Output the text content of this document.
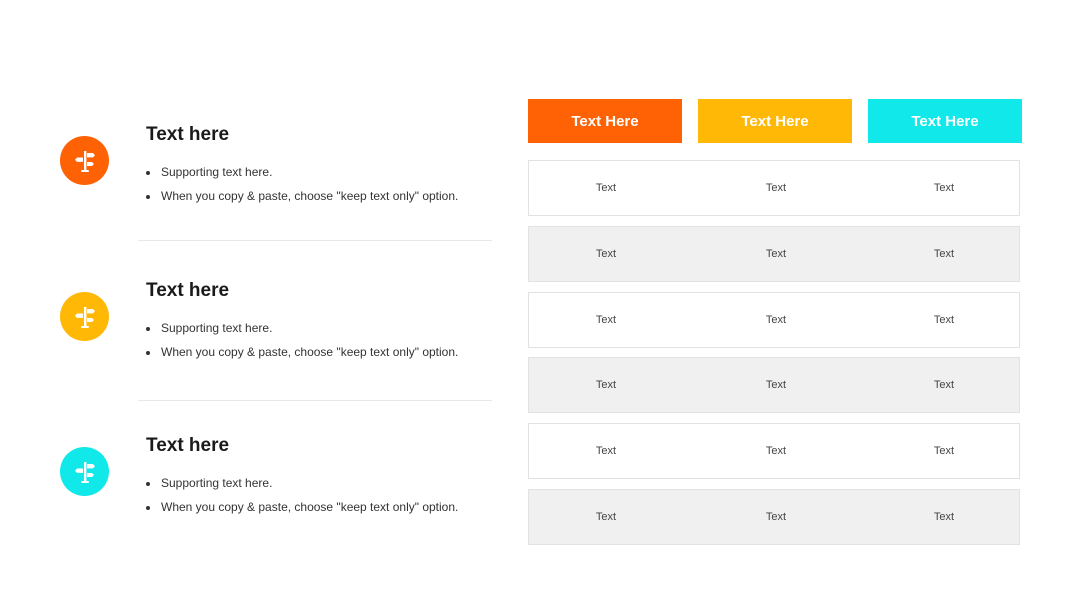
Text here
Supporting text here.
When you copy & paste, choose "keep text only" option.
Text here
Supporting text here.
When you copy & paste, choose "keep text only" option.
Text here
Supporting text here.
When you copy & paste, choose "keep text only" option.
Text Here	Text Here	Text Here
Text	Text	Text
Text	Text	Text
Text	Text	Text
Text	Text	Text
Text	Text	Text
Text	Text	Text
